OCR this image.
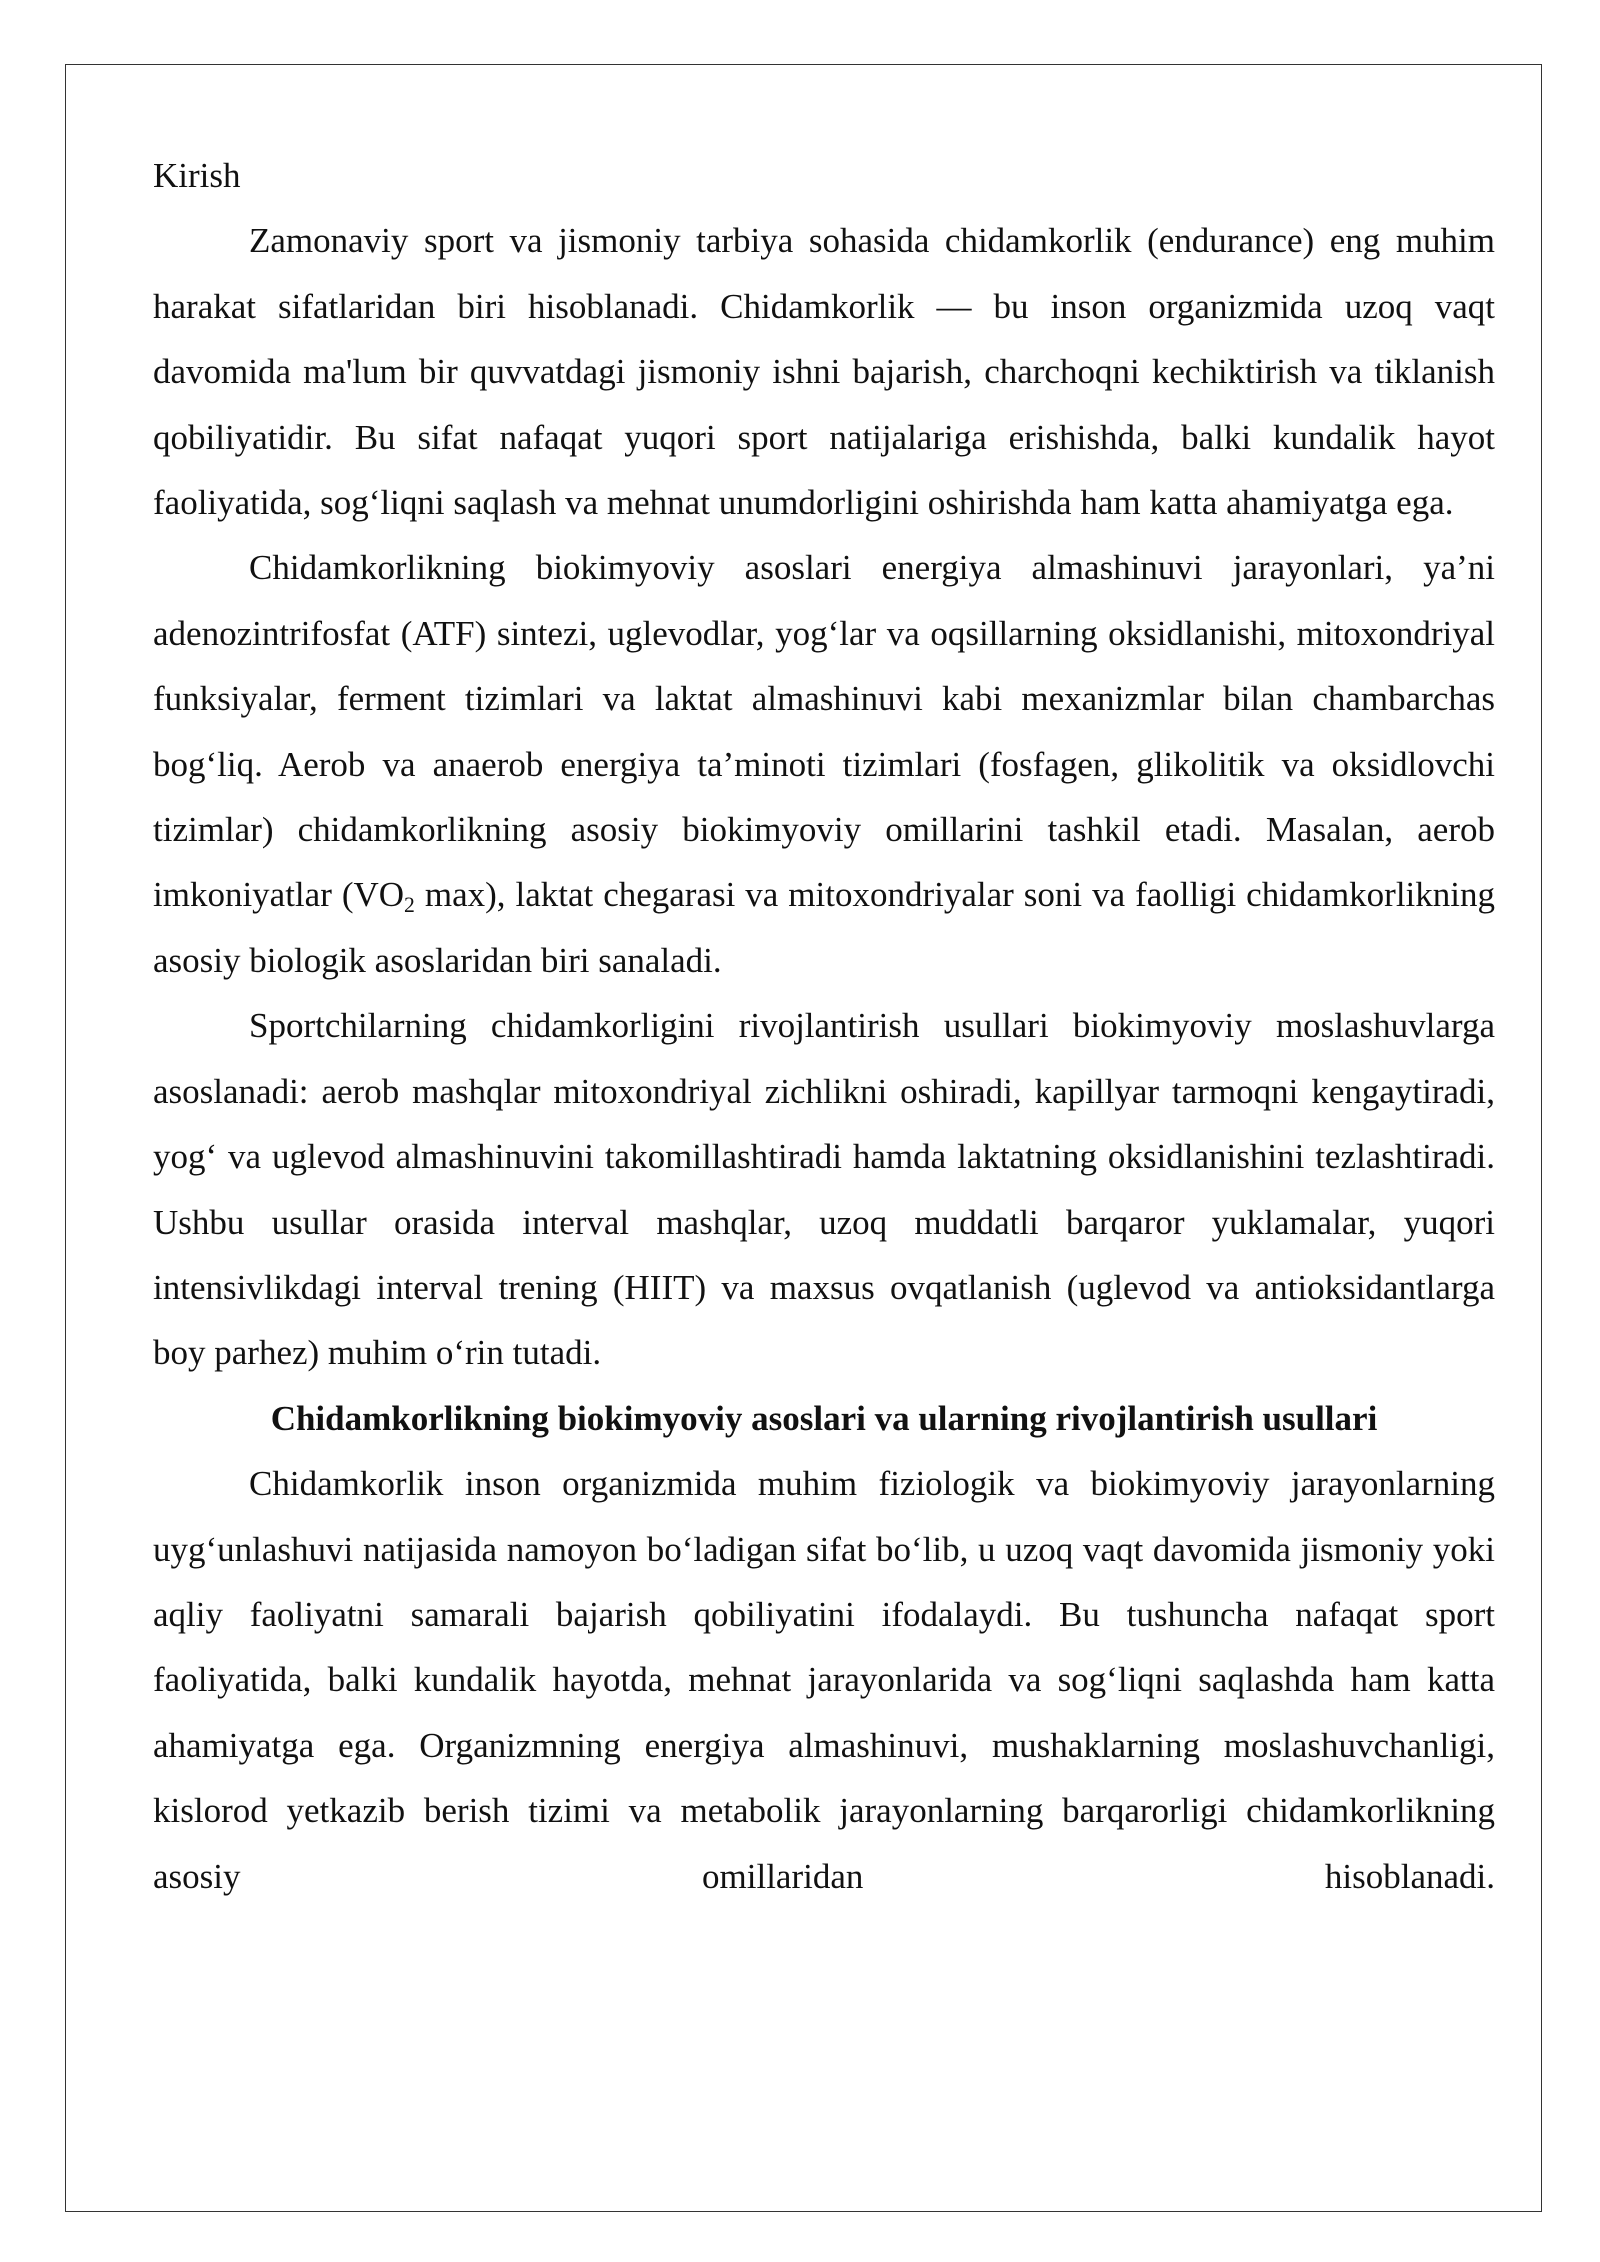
Kirish

Zamonaviy sport va jismoniy tarbiya sohasida chidamkorlik (endurance) eng muhim harakat sifatlaridan biri hisoblanadi. Chidamkorlik — bu inson organizmida uzoq vaqt davomida ma'lum bir quvvatdagi jismoniy ishni bajarish, charchoqni kechiktirish va tiklanish qobiliyatidir. Bu sifat nafaqat yuqori sport natijalariga erishishda, balki kundalik hayot faoliyatida, sog‘liqni saqlash va mehnat unumdorligini oshirishda ham katta ahamiyatga ega.

Chidamkorlikning biokimyoviy asoslari energiya almashinuvi jarayonlari, ya’ni adenozintrifosfat (ATF) sintezi, uglevodlar, yog‘lar va oqsillarning oksidlanishi, mitoxondriyal funksiyalar, ferment tizimlari va laktat almashinuvi kabi mexanizmlar bilan chambarchas bog‘liq. Aerob va anaerob energiya ta’minoti tizimlari (fosfagen, glikolitik va oksidlovchi tizimlar) chidamkorlikning asosiy biokimyoviy omillarini tashkil etadi. Masalan, aerob imkoniyatlar ($VO_2$ max), laktat chegarasi va mitoxondriyalar soni va faolligi chidamkorlikning asosiy biologik asoslaridan biri sanaladi.

Sportchilarning chidamkorligini rivojlantirish usullari biokimyoviy moslashuvlarga asoslanadi: aerob mashqlar mitoxondriyal zichlikni oshiradi, kapillyar tarmoqni kengaytiradi, yog‘ va uglevod almashinuvini takomillashtiradi hamda laktatning oksidlanishini tezlashtiradi. Ushbu usullar orasida interval mashqlar, uzoq muddatli barqaror yuklamalar, yuqori intensivlikdagi interval trening (HIIT) va maxsus ovqatlanish (uglevod va antioksidantlarga boy parhez) muhim o‘rin tutadi.

Chidamkorlikning biokimyoviy asoslari va ularning rivojlantirish usullari

Chidamkorlik inson organizmida muhim fiziologik va biokimyoviy jarayonlarning uyg‘unlashuvi natijasida namoyon bo‘ladigan sifat bo‘lib, u uzoq vaqt davomida jismoniy yoki aqliy faoliyatni samarali bajarish qobiliyatini ifodalaydi. Bu tushuncha nafaqat sport faoliyatida, balki kundalik hayotda, mehnat jarayonlarida va sog‘liqni saqlashda ham katta ahamiyatga ega. Organizmning energiya almashinuvi, mushaklarning moslashuvchanligi, kislorod yetkazib berish tizimi va metabolik jarayonlarning barqarorligi chidamkorlikning asosiy omillaridan hisoblanadi.
